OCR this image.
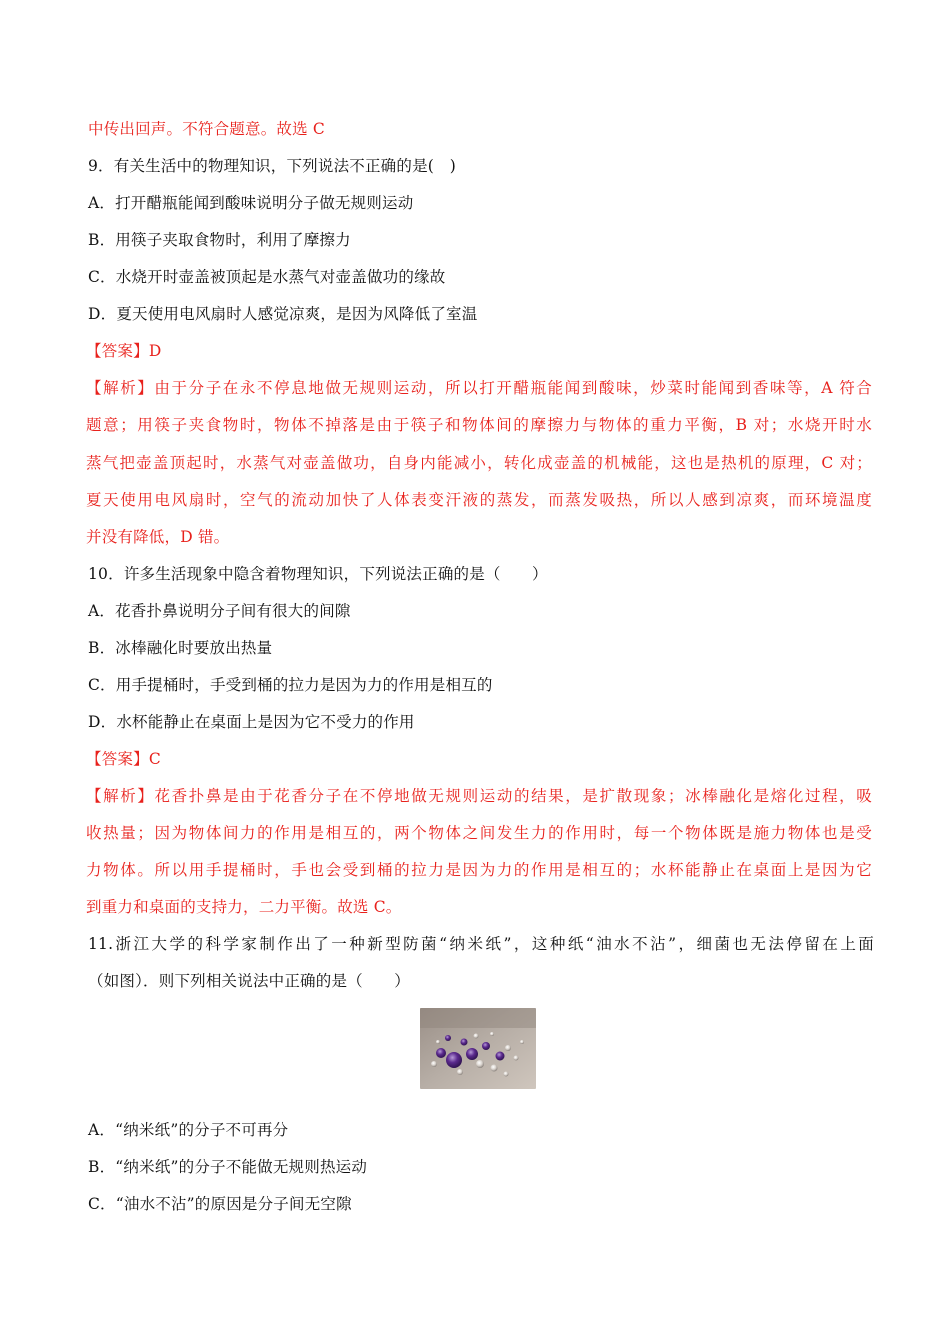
中传出回声。不符合题意。故选 C
9．有关生活中的物理知识，下列说法不正确的是(　)
A．打开醋瓶能闻到酸味说明分子做无规则运动
B．用筷子夹取食物时，利用了摩擦力
C．水烧开时壶盖被顶起是水蒸气对壶盖做功的缘故
D．夏天使用电风扇时人感觉凉爽，是因为风降低了室温
【答案】D
【解析】由于分子在永不停息地做无规则运动，所以打开醋瓶能闻到酸味，炒菜时能闻到香味等，A 符合
题意；用筷子夹食物时，物体不掉落是由于筷子和物体间的摩擦力与物体的重力平衡，B 对；水烧开时水
蒸气把壶盖顶起时，水蒸气对壶盖做功，自身内能减小，转化成壶盖的机械能，这也是热机的原理，C 对；
夏天使用电风扇时，空气的流动加快了人体表变汗液的蒸发，而蒸发吸热，所以人感到凉爽，而环境温度
并没有降低，D 错。
10．许多生活现象中隐含着物理知识，下列说法正确的是（　　）
A．花香扑鼻说明分子间有很大的间隙
B．冰棒融化时要放出热量
C．用手提桶时，手受到桶的拉力是因为力的作用是相互的
D．水杯能静止在桌面上是因为它不受力的作用
【答案】C
【解析】花香扑鼻是由于花香分子在不停地做无规则运动的结果，是扩散现象；冰棒融化是熔化过程，吸
收热量；因为物体间力的作用是相互的，两个物体之间发生力的作用时，每一个物体既是施力物体也是受
力物体。所以用手提桶时，手也会受到桶的拉力是因为力的作用是相互的；水杯能静止在桌面上是因为它
到重力和桌面的支持力，二力平衡。故选 C。
11.浙江大学的科学家制作出了一种新型防菌“纳米纸”，这种纸“油水不沾”，细菌也无法停留在上面
（如图）．则下列相关说法中正确的是（　　）
A．“纳米纸”的分子不可再分
B．“纳米纸”的分子不能做无规则热运动
C．“油水不沾”的原因是分子间无空隙
